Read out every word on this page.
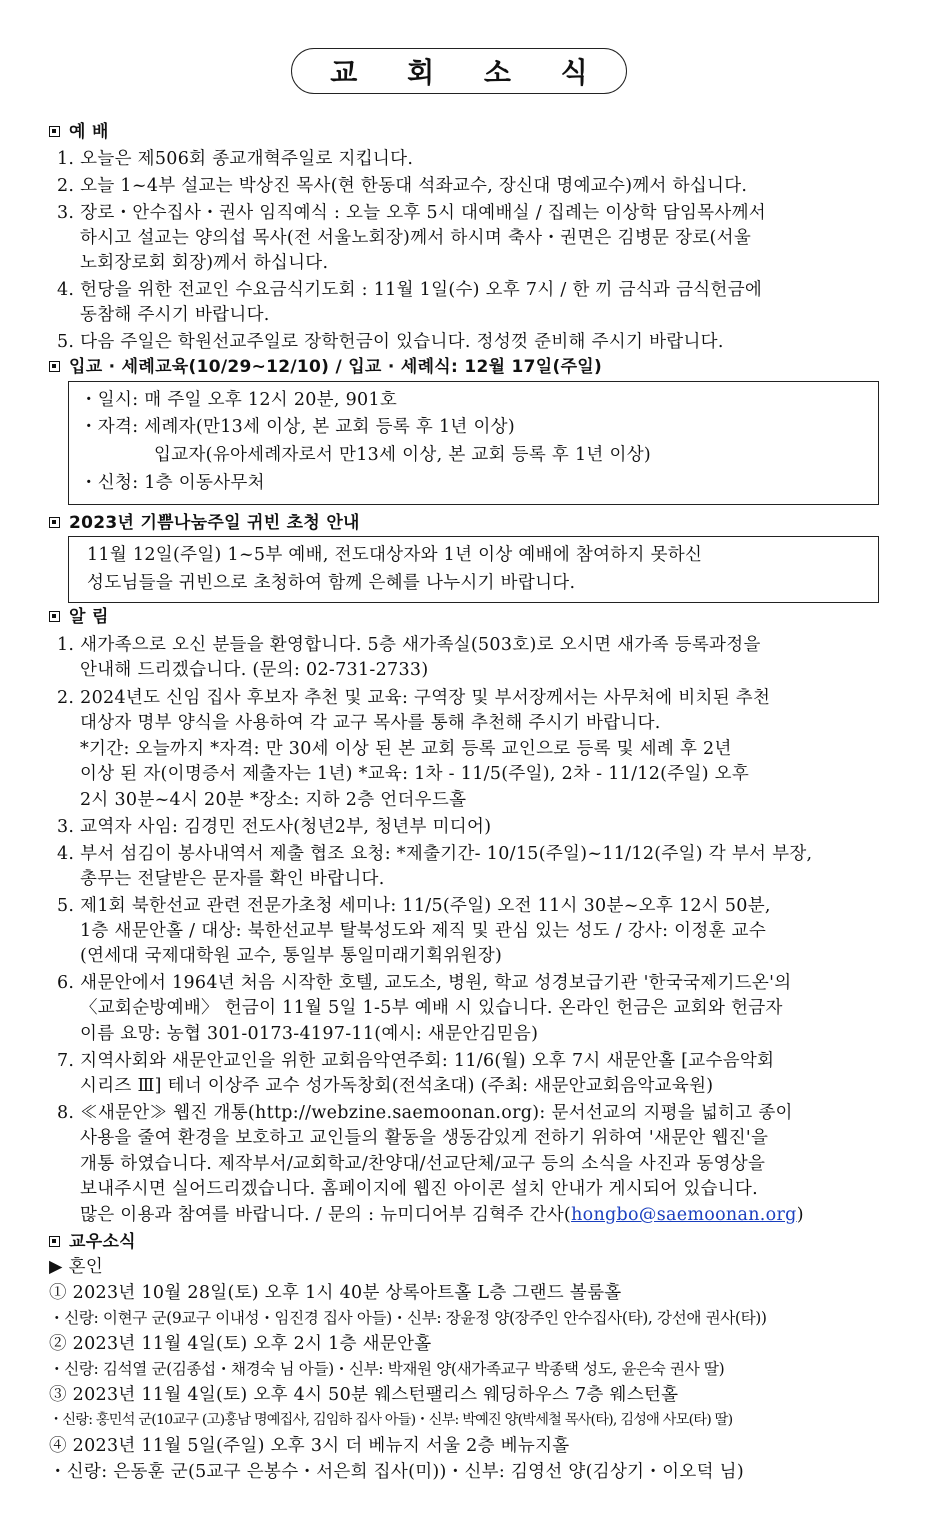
교 회 소 식
예 배
1. 오늘은 제506회 종교개혁주일로 지킵니다.
2. 오늘 1~4부 설교는 박상진 목사(현 한동대 석좌교수, 장신대 명예교수)께서 하십니다.
3. 장로・안수집사・권사 임직예식 : 오늘 오후 5시 대예배실 / 집례는 이상학 담임목사께서
하시고 설교는 양의섭 목사(전 서울노회장)께서 하시며 축사・권면은 김병문 장로(서울
노회장로회 회장)께서 하십니다.
4. 헌당을 위한 전교인 수요금식기도회 : 11월 1일(수) 오후 7시 / 한 끼 금식과 금식헌금에
동참해 주시기 바랍니다.
5. 다음 주일은 학원선교주일로 장학헌금이 있습니다. 정성껏 준비해 주시기 바랍니다.
입교 · 세례교육(10/29~12/10) / 입교 · 세례식: 12월 17일(주일)
・일시: 매 주일 오후 12시 20분, 901호
・자격: 세례자(만13세 이상, 본 교회 등록 후 1년 이상)
입교자(유아세례자로서 만13세 이상, 본 교회 등록 후 1년 이상)
・신청: 1층 이동사무처
2023년 기쁨나눔주일 귀빈 초청 안내
11월 12일(주일) 1~5부 예배, 전도대상자와 1년 이상 예배에 참여하지 못하신
성도님들을 귀빈으로 초청하여 함께 은혜를 나누시기 바랍니다.
알 림
1. 새가족으로 오신 분들을 환영합니다. 5층 새가족실(503호)로 오시면 새가족 등록과정을
안내해 드리겠습니다. (문의: 02-731-2733)
2. 2024년도 신임 집사 후보자 추천 및 교육: 구역장 및 부서장께서는 사무처에 비치된 추천
대상자 명부 양식을 사용하여 각 교구 목사를 통해 추천해 주시기 바랍니다.
*기간: 오늘까지 *자격: 만 30세 이상 된 본 교회 등록 교인으로 등록 및 세례 후 2년
이상 된 자(이명증서 제출자는 1년) *교육: 1차 - 11/5(주일), 2차 - 11/12(주일) 오후
2시 30분~4시 20분 *장소: 지하 2층 언더우드홀
3. 교역자 사임: 김경민 전도사(청년2부, 청년부 미디어)
4. 부서 섬김이 봉사내역서 제출 협조 요청: *제출기간- 10/15(주일)~11/12(주일) 각 부서 부장,
총무는 전달받은 문자를 확인 바랍니다.
5. 제1회 북한선교 관련 전문가초청 세미나: 11/5(주일) 오전 11시 30분~오후 12시 50분,
1층 새문안홀 / 대상: 북한선교부 탈북성도와 제직 및 관심 있는 성도 / 강사: 이정훈 교수
(연세대 국제대학원 교수, 통일부 통일미래기획위원장)
6. 새문안에서 1964년 처음 시작한 호텔, 교도소, 병원, 학교 성경보급기관 '한국국제기드온'의
〈교회순방예배〉 헌금이 11월 5일 1-5부 예배 시 있습니다. 온라인 헌금은 교회와 헌금자
이름 요망: 농협 301-0173-4197-11(예시: 새문안김믿음)
7. 지역사회와 새문안교인을 위한 교회음악연주회: 11/6(월) 오후 7시 새문안홀 [교수음악회
시리즈 Ⅲ] 테너 이상주 교수 성가독창회(전석초대) (주최: 새문안교회음악교육원)
8. ≪새문안≫ 웹진 개통(http://webzine.saemoonan.org): 문서선교의 지평을 넓히고 종이
사용을 줄여 환경을 보호하고 교인들의 활동을 생동감있게 전하기 위하여 '새문안 웹진'을
개통 하였습니다. 제작부서/교회학교/찬양대/선교단체/교구 등의 소식을 사진과 동영상을
보내주시면 실어드리겠습니다. 홈페이지에 웹진 아이콘 설치 안내가 게시되어 있습니다.
많은 이용과 참여를 바랍니다. / 문의 : 뉴미디어부 김혁주 간사(hongbo@saemoonan.org)
교우소식
▶ 혼인
① 2023년 10월 28일(토) 오후 1시 40분 상록아트홀 L층 그랜드 볼룸홀
・신랑: 이현구 군(9교구 이내성・임진경 집사 아들)・신부: 장윤정 양(장주인 안수집사(타), 강선애 권사(타))
② 2023년 11월 4일(토) 오후 2시 1층 새문안홀
・신랑: 김석열 군(김종섭・채경숙 님 아들)・신부: 박재원 양(새가족교구 박종택 성도, 윤은숙 권사 딸)
③ 2023년 11월 4일(토) 오후 4시 50분 웨스턴팰리스 웨딩하우스 7층 웨스턴홀
・신랑: 홍민석 군(10교구 (고)홍남 명예집사, 김임하 집사 아들)・신부: 박예진 양(박세철 목사(타), 김성애 사모(타) 딸)
④ 2023년 11월 5일(주일) 오후 3시 더 베뉴지 서울 2층 베뉴지홀
・신랑: 은동훈 군(5교구 은봉수・서은희 집사(미))・신부: 김영선 양(김상기・이오덕 님)
